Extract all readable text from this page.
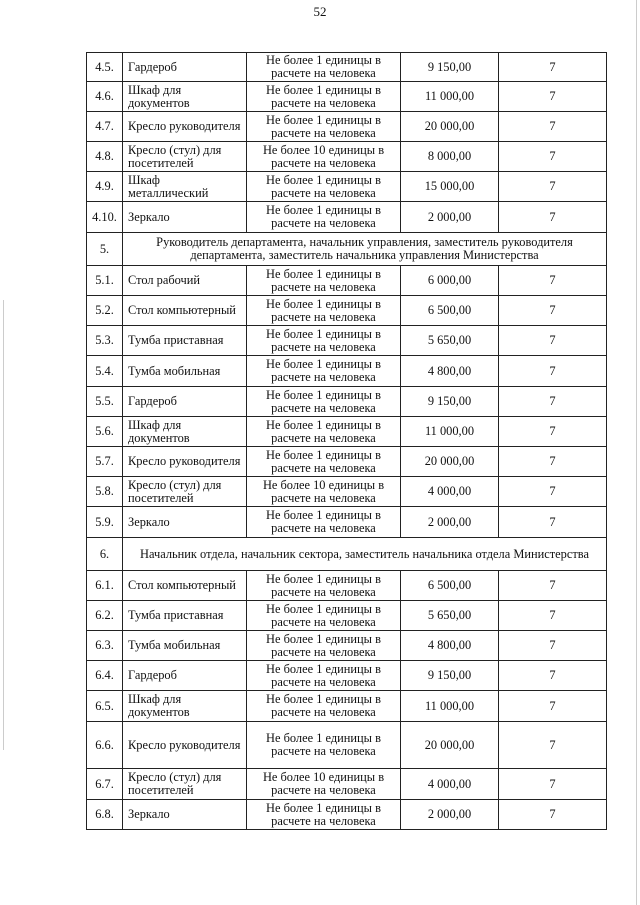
52
4.5.	Гардероб	Не более 1 единицы в расчете на человека	9 150,00	7
4.6.	Шкаф для документов	Не более 1 единицы в расчете на человека	11 000,00	7
4.7.	Кресло руководителя	Не более 1 единицы в расчете на человека	20 000,00	7
4.8.	Кресло (стул) для посетителей	Не более 10 единицы в расчете на человека	8 000,00	7
4.9.	Шкаф металлический	Не более 1 единицы в расчете на человека	15 000,00	7
4.10.	Зеркало	Не более 1 единицы в расчете на человека	2 000,00	7
5.	Руководитель департамента, начальник управления, заместитель руководителя департамента, заместитель начальника управления Министерства			
5.1.	Стол рабочий	Не более 1 единицы в расчете на человека	6 000,00	7
5.2.	Стол компьютерный	Не более 1 единицы в расчете на человека	6 500,00	7
5.3.	Тумба приставная	Не более 1 единицы в расчете на человека	5 650,00	7
5.4.	Тумба мобильная	Не более 1 единицы в расчете на человека	4 800,00	7
5.5.	Гардероб	Не более 1 единицы в расчете на человека	9 150,00	7
5.6.	Шкаф для документов	Не более 1 единицы в расчете на человека	11 000,00	7
5.7.	Кресло руководителя	Не более 1 единицы в расчете на человека	20 000,00	7
5.8.	Кресло (стул) для посетителей	Не более 10 единицы в расчете на человека	4 000,00	7
5.9.	Зеркало	Не более 1 единицы в расчете на человека	2 000,00	7
6.	Начальник отдела, начальник сектора, заместитель начальника отдела Министерства			
6.1.	Стол компьютерный	Не более 1 единицы в расчете на человека	6 500,00	7
6.2.	Тумба приставная	Не более 1 единицы в расчете на человека	5 650,00	7
6.3.	Тумба мобильная	Не более 1 единицы в расчете на человека	4 800,00	7
6.4.	Гардероб	Не более 1 единицы в расчете на человека	9 150,00	7
6.5.	Шкаф для документов	Не более 1 единицы в расчете на человека	11 000,00	7
6.6.	Кресло руководителя	Не более 1 единицы в расчете на человека	20 000,00	7
6.7.	Кресло (стул) для посетителей	Не более 10 единицы в расчете на человека	4 000,00	7
6.8.	Зеркало	Не более 1 единицы в расчете на человека	2 000,00	7
